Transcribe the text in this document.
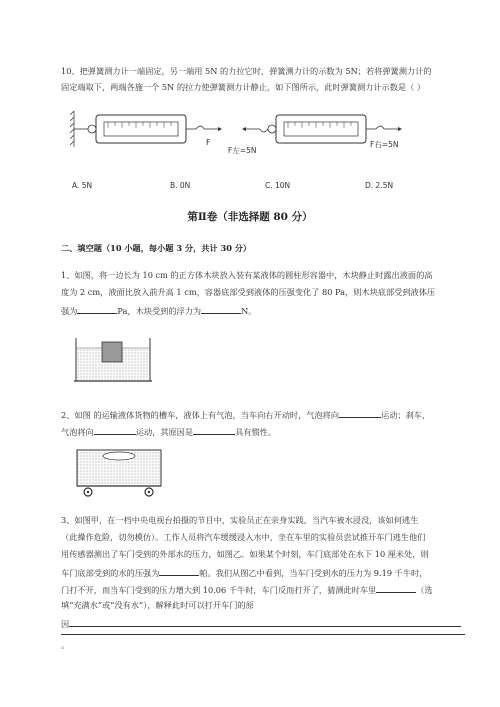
10、把弹簧测力计一端固定，另一端用 5N 的力拉它时，弹簧测力计的示数为 5N；若将弹簧测力计的
固定端取下，两端各施一个 5N 的拉力使弹簧测力计静止，如下图所示，此时弹簧测力计示数是（ ）
F
F左=5N
F右=5N
A. 5N	B. 0N	C. 10N	D. 2.5N
第Ⅱ卷（非选择题 80 分）
二、填空题（10 小题，每小题 3 分，共计 30 分）
1、如图，将一边长为 10 cm 的正方体木块放入装有某液体的圆柱形容器中，木块静止时露出液面的高
度为 2 cm，液面比放入前升高 1 cm，容器底部受到液体的压强变化了 80 Pa，则木块底部受到液体压
强为	Pa，木块受到的浮力为	N。
2、如图 的运输液体货物的槽车，液体上有气泡，当车向右开动时，气泡将向	运动；刹车，
气泡将向	运动，其原因是	具有惯性。
3、如图甲，在一档中央电视台拍摄的节目中，实验员正在亲身实践，当汽车被水浸没，该如何逃生
（此操作危险，切勿模仿）。工作人员将汽车缓缓浸入水中，坐在车里的实验员尝试推开车门逃生他们
用传感器测出了车门受到的外部水的压力，如图乙。如果某个时刻，车门底部处在水下 10 厘米处，则
车门底部受到的水的压强为	帕。我们从图乙中看到，当车门受到水的压力为 9.19 千牛时，
门打不开，而当车门受到的压力增大到 10.06 千牛时，车门反而打开了，猜测此时车里	（选
填“充满水”或“没有水”），解释此时可以打开车门的原
因
。
